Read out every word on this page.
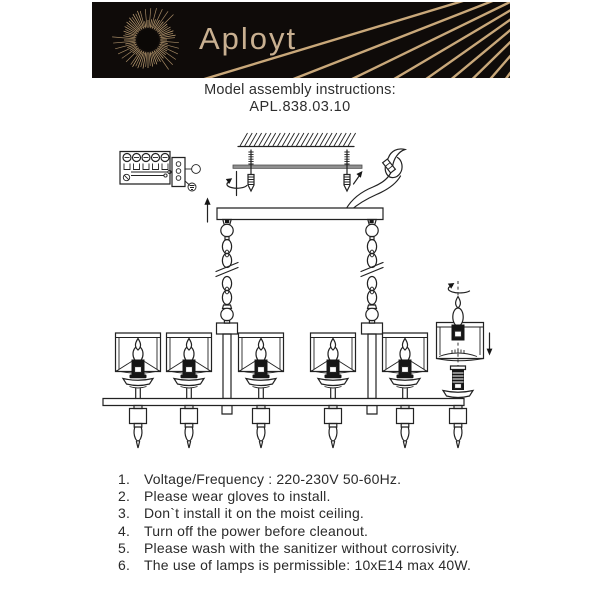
Aployt
Model assembly instructions:
APL.838.03.10
1. Voltage/Frequency : 220-230V 50-60Hz.
2. Please wear gloves to install.
3. Don`t install it on the moist ceiling.
4. Turn off the power before cleanout.
5. Please wash with the sanitizer without corrosivity.
6. The use of lamps is permissible: 10xE14 max 40W.
